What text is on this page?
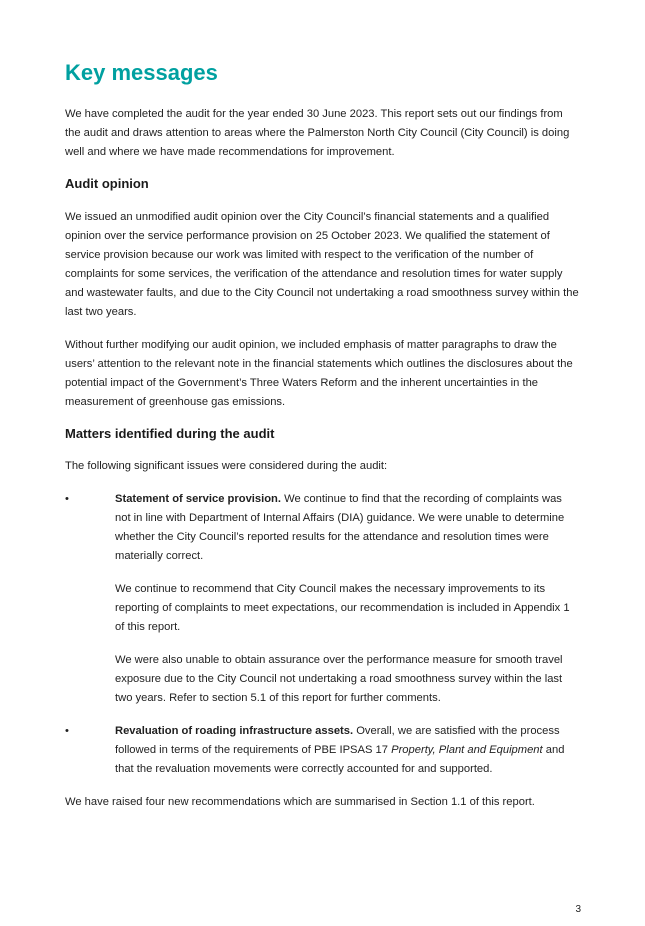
Key messages

We have completed the audit for the year ended 30 June 2023. This report sets out our findings from the audit and draws attention to areas where the Palmerston North City Council (City Council) is doing well and where we have made recommendations for improvement.

Audit opinion

We issued an unmodified audit opinion over the City Council’s financial statements and a qualified opinion over the service performance provision on 25 October 2023. We qualified the statement of service provision because our work was limited with respect to the verification of the number of complaints for some services, the verification of the attendance and resolution times for water supply and wastewater faults, and due to the City Council not undertaking a road smoothness survey within the last two years.

Without further modifying our audit opinion, we included emphasis of matter paragraphs to draw the users’ attention to the relevant note in the financial statements which outlines the disclosures about the potential impact of the Government’s Three Waters Reform and the inherent uncertainties in the measurement of greenhouse gas emissions.

Matters identified during the audit

The following significant issues were considered during the audit:

•	Statement of service provision. We continue to find that the recording of complaints was not in line with Department of Internal Affairs (DIA) guidance. We were unable to determine whether the City Council’s reported results for the attendance and resolution times were materially correct.

We continue to recommend that City Council makes the necessary improvements to its reporting of complaints to meet expectations, our recommendation is included in Appendix 1 of this report.

We were also unable to obtain assurance over the performance measure for smooth travel exposure due to the City Council not undertaking a road smoothness survey within the last two years. Refer to section 5.1 of this report for further comments.

•	Revaluation of roading infrastructure assets. Overall, we are satisfied with the process followed in terms of the requirements of PBE IPSAS 17 Property, Plant and Equipment and that the revaluation movements were correctly accounted for and supported.

We have raised four new recommendations which are summarised in Section 1.1 of this report.

3
